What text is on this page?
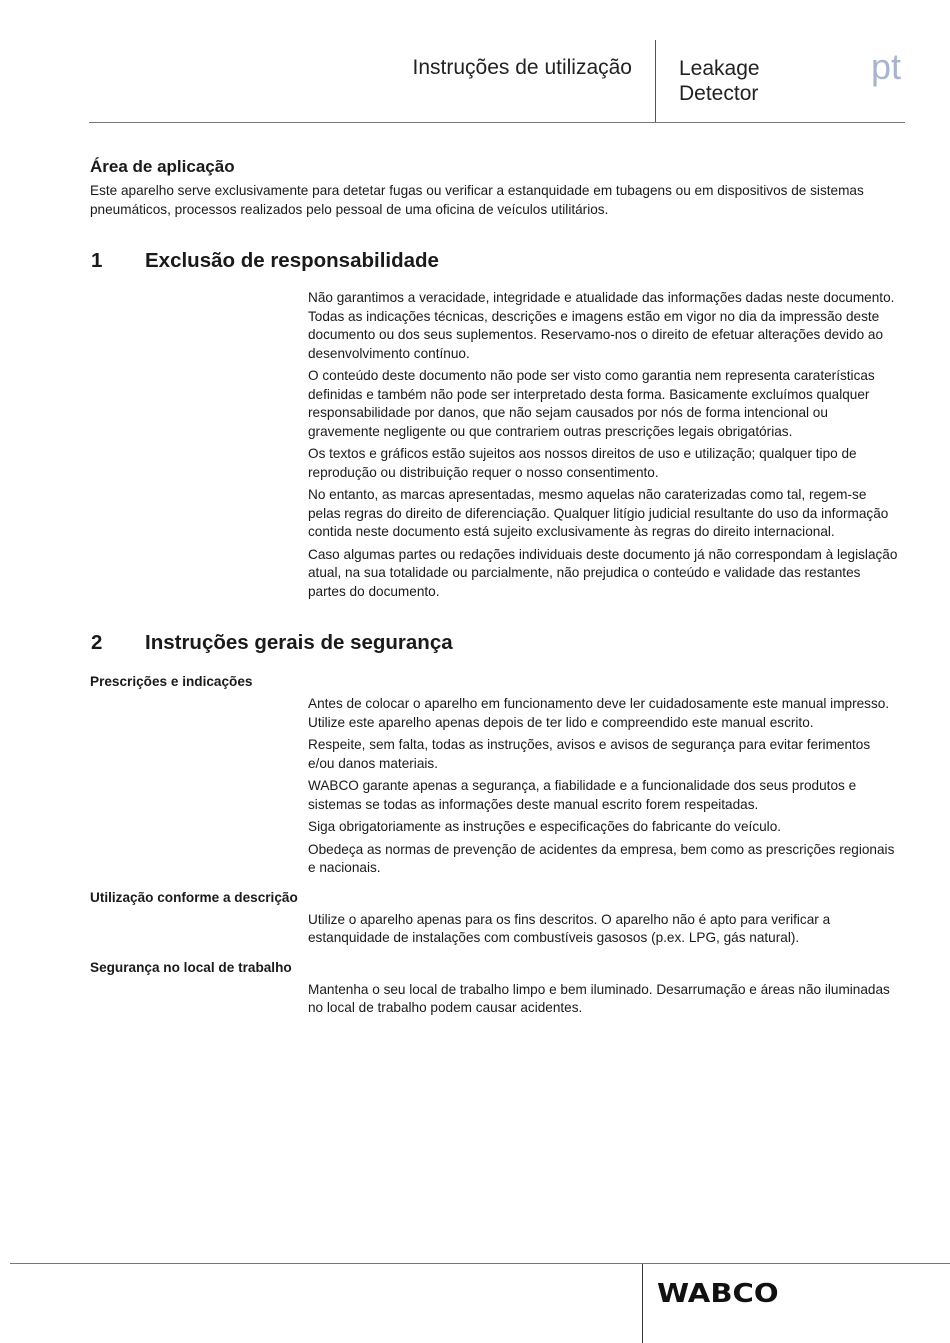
Instruções de utilização Leakage
Detector
pt
Área de aplicação

Este aparelho serve exclusivamente para detetar fugas ou verificar a estanquidade em tubagens ou em dispositivos de sistemas pneumáticos, processos realizados pelo pessoal de uma oficina de veículos utilitários.

1 Exclusão de responsabilidade

Não garantimos a veracidade, integridade e atualidade das informações dadas neste documento. Todas as indicações técnicas, descrições e imagens estão em vigor no dia da impressão deste documento ou dos seus suplementos. Reservamo-nos o direito de efetuar alterações devido ao desenvolvimento contínuo.

O conteúdo deste documento não pode ser visto como garantia nem representa caraterísticas definidas e também não pode ser interpretado desta forma. Basicamente excluímos qualquer responsabilidade por danos, que não sejam causados por nós de forma intencional ou gravemente negligente ou que contrariem outras prescrições legais obrigatórias.

Os textos e gráficos estão sujeitos aos nossos direitos de uso e utilização; qualquer tipo de reprodução ou distribuição requer o nosso consentimento.

No entanto, as marcas apresentadas, mesmo aquelas não caraterizadas como tal, regem-se pelas regras do direito de diferenciação. Qualquer litígio judicial resultante do uso da informação contida neste documento está sujeito exclusivamente às regras do direito internacional.

Caso algumas partes ou redações individuais deste documento já não correspondam à legislação atual, na sua totalidade ou parcialmente, não prejudica o conteúdo e validade das restantes partes do documento.

2 Instruções gerais de segurança
Prescrições e indicações

Antes de colocar o aparelho em funcionamento deve ler cuidadosamente este manual impresso. Utilize este aparelho apenas depois de ter lido e compreendido este manual escrito.

Respeite, sem falta, todas as instruções, avisos e avisos de segurança para evitar ferimentos e/ou danos materiais.

WABCO garante apenas a segurança, a fiabilidade e a funcionalidade dos seus produtos e sistemas se todas as informações deste manual escrito forem respeitadas.

Siga obrigatoriamente as instruções e especificações do fabricante do veículo.

Obedeça as normas de prevenção de acidentes da empresa, bem como as prescrições regionais e nacionais.

Utilização conforme a descrição

Utilize o aparelho apenas para os fins descritos. O aparelho não é apto para verificar a estanquidade de instalações com combustíveis gasosos (p.ex. LPG, gás natural).

Segurança no local de trabalho

Mantenha o seu local de trabalho limpo e bem iluminado. Desarrumação e áreas não iluminadas no local de trabalho podem causar acidentes.

WABCO
